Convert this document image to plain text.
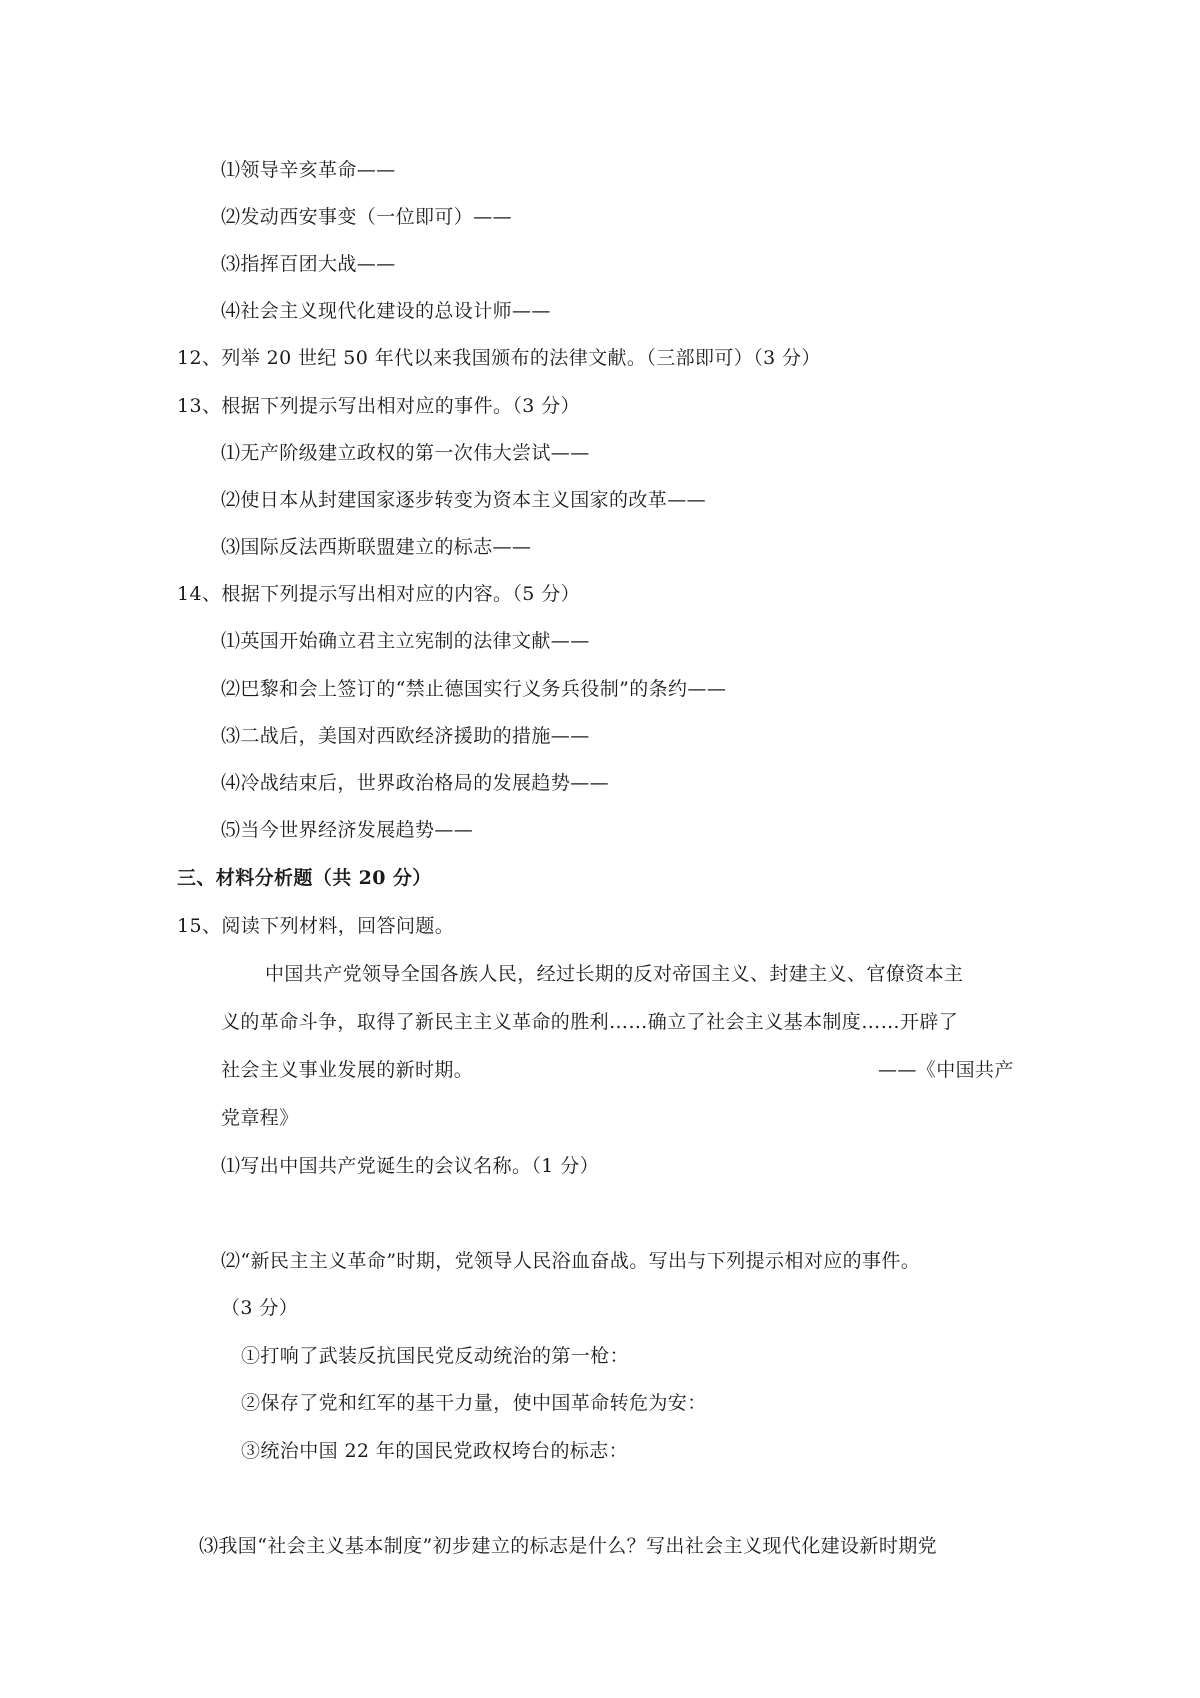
⑴领导辛亥革命——
⑵发动西安事变（一位即可）——
⑶指挥百团大战——
⑷社会主义现代化建设的总设计师——
12、列举 20 世纪 50 年代以来我国颁布的法律文献。（三部即可）（3 分）
13、根据下列提示写出相对应的事件。（3 分）
⑴无产阶级建立政权的第一次伟大尝试——
⑵使日本从封建国家逐步转变为资本主义国家的改革——
⑶国际反法西斯联盟建立的标志——
14、根据下列提示写出相对应的内容。（5 分）
⑴英国开始确立君主立宪制的法律文献——
⑵巴黎和会上签订的“禁止德国实行义务兵役制”的条约——
⑶二战后，美国对西欧经济援助的措施——
⑷冷战结束后，世界政治格局的发展趋势——
⑸当今世界经济发展趋势——
三、材料分析题（共 20 分）
15、阅读下列材料，回答问题。
中国共产党领导全国各族人民，经过长期的反对帝国主义、封建主义、官僚资本主
义的革命斗争，取得了新民主主义革命的胜利……确立了社会主义基本制度……开辟了
社会主义事业发展的新时期。	——《中国共产
党章程》
⑴写出中国共产党诞生的会议名称。（1 分）
⑵“新民主主义革命”时期，党领导人民浴血奋战。写出与下列提示相对应的事件。
（3 分）
①打响了武装反抗国民党反动统治的第一枪：
②保存了党和红军的基干力量，使中国革命转危为安：
③统治中国 22 年的国民党政权垮台的标志：
⑶我国“社会主义基本制度”初步建立的标志是什么？写出社会主义现代化建设新时期党
